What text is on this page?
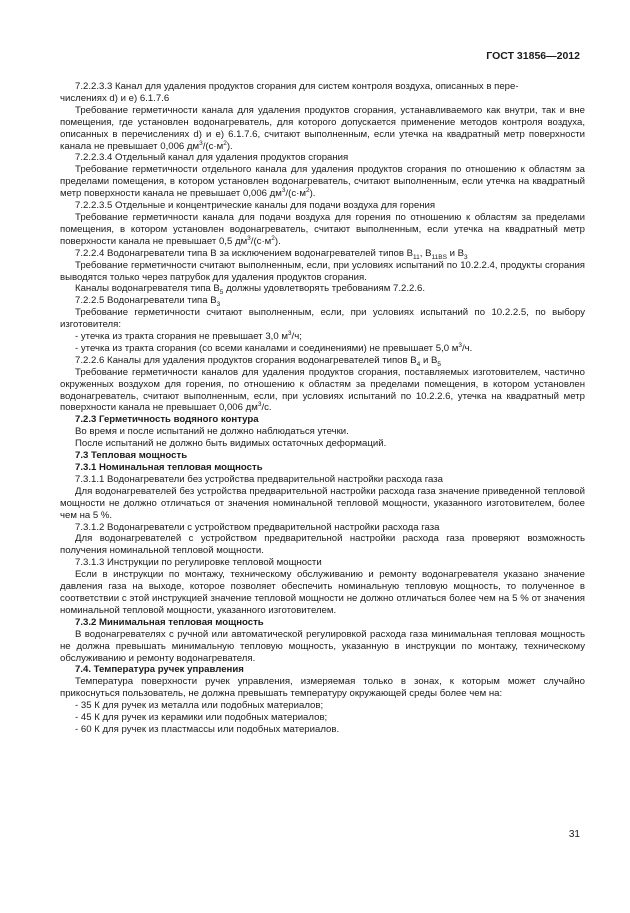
ГОСТ 31856—2012

7.2.2.3.3 Канал для удаления продуктов сгорания для систем контроля воздуха, описанных в пере-
числениях d) и е) 6.1.7.6

Требование герметичности канала для удаления продуктов сгорания, устанавливаемого как внутри, так и вне помещения, где установлен водонагреватель, для которого допускается применение методов контроля воздуха, описанных в перечислениях d) и е) 6.1.7.6, считают выполненным, если утечка на квадратный метр поверхности канала не превышает 0,006 $дм^3/(с\cdot м^2)$.

7.2.2.3.4 Отдельный канал для удаления продуктов сгорания

Требование герметичности отдельного канала для удаления продуктов сгорания по отношению к областям за пределами помещения, в котором установлен водонагреватель, считают выполненным, если утечка на квадратный метр поверхности канала не превышает 0,006 $дм^3/(с\cdot м^2)$.

7.2.2.3.5 Отдельные и концентрические каналы для подачи воздуха для горения

Требование герметичности канала для подачи воздуха для горения по отношению к областям за пределами помещения, в котором установлен водонагреватель, считают выполненным, если утечка на квадратный метр поверхности канала не превышает 0,5 $дм^3/(с\cdot м^2)$.

7.2.2.4 Водонагреватели типа В за исключением водонагревателей типов $В_{11}$, $В_{11BS}$ и $В_3$

Требование герметичности считают выполненным, если, при условиях испытаний по 10.2.2.4, продукты сгорания выводятся только через патрубок для удаления продуктов сгорания.

Каналы водонагревателя типа $В_5$ должны удовлетворять требованиям 7.2.2.6.

7.2.2.5 Водонагреватели типа $В_3$

Требование герметичности считают выполненным, если, при условиях испытаний по 10.2.2.5, по выбору изготовителя:

- утечка из тракта сгорания не превышает 3,0 $м^3/ч$;

- утечка из тракта сгорания (со всеми каналами и соединениями) не превышает 5,0 $м^3/ч$.

7.2.2.6 Каналы для удаления продуктов сгорания водонагревателей типов $В_4$ и $В_5$

Требование герметичности каналов для удаления продуктов сгорания, поставляемых изготовителем, частично окруженных воздухом для горения, по отношению к областям за пределами помещения, в котором установлен водонагреватель, считают выполненным, если, при условиях испытаний по 10.2.2.6, утечка на квадратный метр поверхности канала не превышает 0,006 $дм^3/с$.

7.2.3 Герметичность водяного контура

Во время и после испытаний не должно наблюдаться утечки.

После испытаний не должно быть видимых остаточных деформаций.

7.3 Тепловая мощность

7.3.1 Номинальная тепловая мощность

7.3.1.1 Водонагреватели без устройства предварительной настройки расхода газа

Для водонагревателей без устройства предварительной настройки расхода газа значение приведенной тепловой мощности не должно отличаться от значения номинальной тепловой мощности, указанного изготовителем, более чем на 5 %.

7.3.1.2 Водонагреватели с устройством предварительной настройки расхода газа

Для водонагревателей с устройством предварительной настройки расхода газа проверяют возможность получения номинальной тепловой мощности.

7.3.1.3 Инструкции по регулировке тепловой мощности

Если в инструкции по монтажу, техническому обслуживанию и ремонту водонагревателя указано значение давления газа на выходе, которое позволяет обеспечить номинальную тепловую мощность, то полученное в соответствии с этой инструкцией значение тепловой мощности не должно отличаться более чем на 5 % от значения номинальной тепловой мощности, указанного изготовителем.

7.3.2 Минимальная тепловая мощность

В водонагревателях с ручной или автоматической регулировкой расхода газа минимальная тепловая мощность не должна превышать минимальную тепловую мощность, указанную в инструкции по монтажу, техническому обслуживанию и ремонту водонагревателя.

7.4. Температура ручек управления

Температура поверхности ручек управления, измеряемая только в зонах, к которым может случайно прикоснуться пользователь, не должна превышать температуру окружающей среды более чем на:

- 35 К для ручек из металла или подобных материалов;

- 45 К для ручек из керамики или подобных материалов;

- 60 К для ручек из пластмассы или подобных материалов.

31
